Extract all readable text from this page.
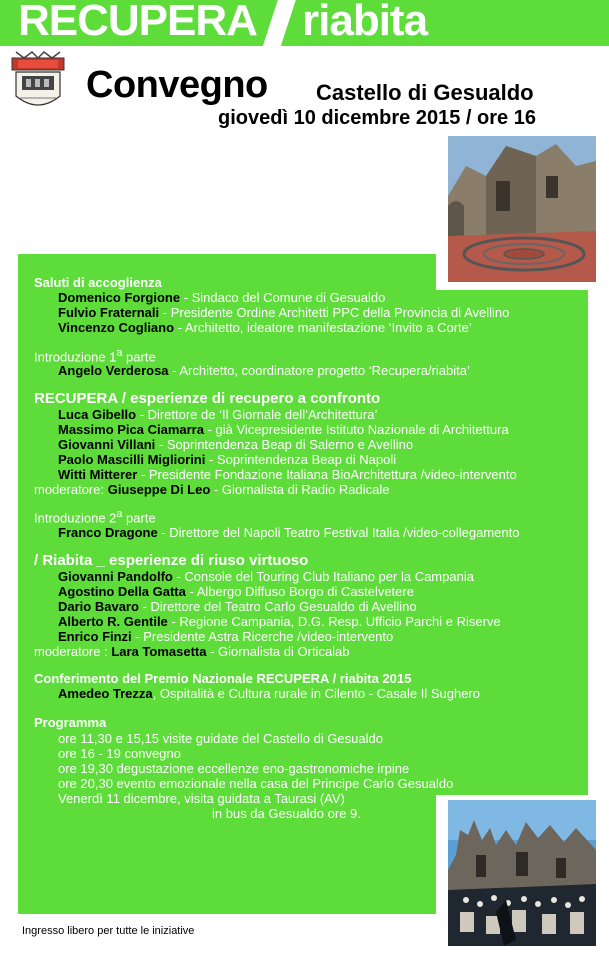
RECUPERA riabita
Convegno Castello di Gesualdo
giovedì 10 dicembre 2015 / ore 16
Saluti di accoglienza
Domenico Forgione - Sindaco del Comune di Gesualdo
Fulvio Fraternali - Presidente Ordine Architetti PPC della Provincia di Avellino
Vincenzo Cogliano - Architetto, ideatore manifestazione ‘Invito a Corte’
Introduzione 1$^a$ parte
Angelo Verderosa - Architetto, coordinatore progetto ‘Recupera/riabita’
RECUPERA / esperienze di recupero a confronto
Luca Gibello - Direttore de ‘Il Giornale dell’Architettura’
Massimo Pica Ciamarra - già Vicepresidente Istituto Nazionale di Architettura
Giovanni Villani - Soprintendenza Beap di Salerno e Avellino
Paolo Mascilli Migliorini - Soprintendenza Beap di Napoli
Witti Mitterer - Presidente Fondazione Italiana BioArchitettura /video-intervento
moderatore: Giuseppe Di Leo - Giornalista di Radio Radicale
Introduzione 2$^a$ parte
Franco Dragone - Direttore del Napoli Teatro Festival Italia /video-collegamento
/ Riabita _ esperienze di riuso virtuoso
Giovanni Pandolfo - Console del Touring Club Italiano per la Campania
Agostino Della Gatta - Albergo Diffuso Borgo di Castelvetere
Dario Bavaro - Direttore del Teatro Carlo Gesualdo di Avellino
Alberto R. Gentile - Regione Campania, D.G. Resp. Ufficio Parchi e Riserve
Enrico Finzi - Presidente Astra Ricerche /video-intervento
moderatore : Lara Tomasetta - Giornalista di Orticalab
Conferimento del Premio Nazionale RECUPERA / riabita 2015
Amedeo Trezza, Ospitalità e Cultura rurale in Cilento - Casale Il Sughero
Programma
ore 11,30 e 15,15 visite guidate del Castello di Gesualdo
ore 16 - 19 convegno
ore 19,30 degustazione eccellenze eno-gastronomiche irpine
ore 20,30 evento emozionale nella casa del Principe Carlo Gesualdo
Venerdì 11 dicembre, visita guidata a Taurasi (AV)
in bus da Gesualdo ore 9.
Ingresso libero per tutte le iniziative
